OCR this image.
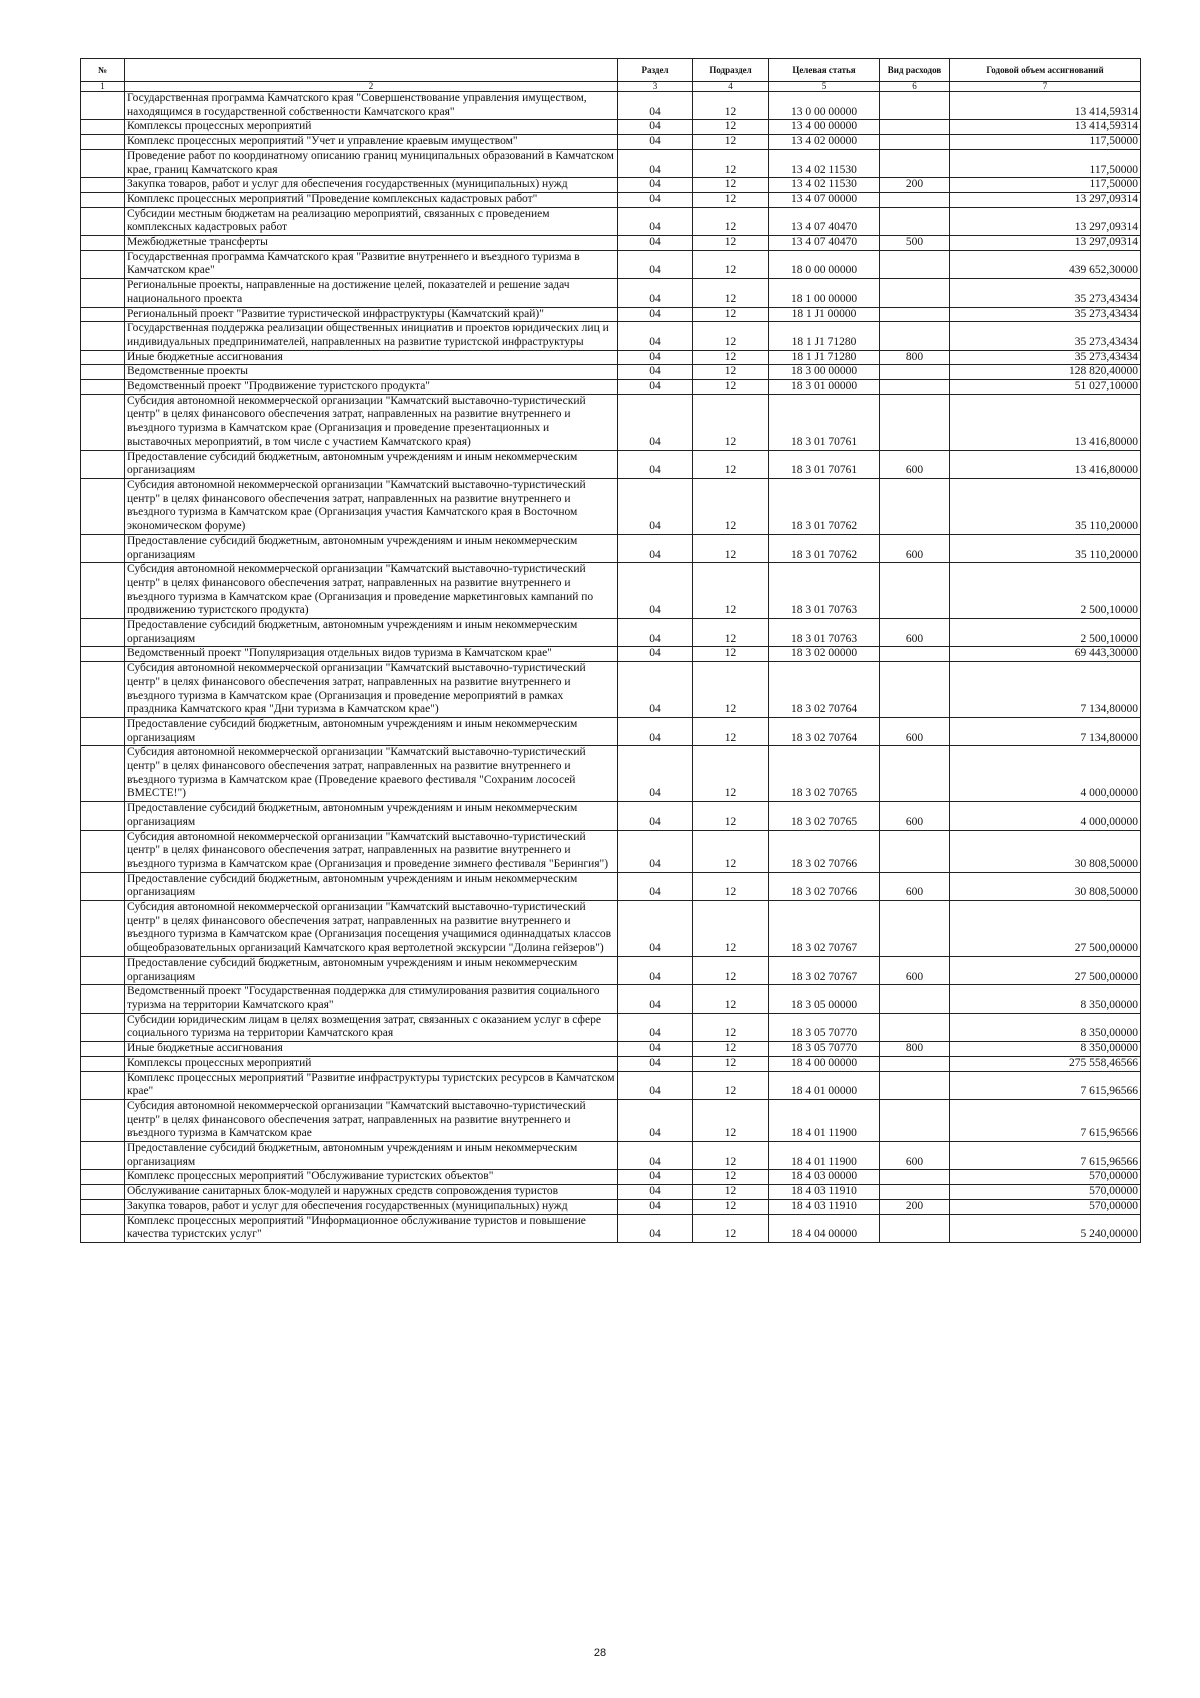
№		Раздел	Подраздел	Целевая статья	Вид расходов	Годовой объем ассигнований
1	2	3	4	5	6	7
	Государственная программа Камчатского края "Совершенствование управления имуществом, находящимся в государственной собственности Камчатского края"	04	12	13 0 00 00000		13 414,59314
	Комплексы процессных мероприятий	04	12	13 4 00 00000		13 414,59314
	Комплекс процессных мероприятий "Учет и управление краевым имуществом"	04	12	13 4 02 00000		117,50000
	Проведение работ по координатному описанию границ муниципальных образований в Камчатском крае, границ Камчатского края	04	12	13 4 02 11530		117,50000
	Закупка товаров, работ и услуг для обеспечения государственных (муниципальных) нужд	04	12	13 4 02 11530	200	117,50000
	Комплекс процессных мероприятий "Проведение комплексных кадастровых работ"	04	12	13 4 07 00000		13 297,09314
	Субсидии местным бюджетам на реализацию мероприятий, связанных с проведением комплексных кадастровых работ	04	12	13 4 07 40470		13 297,09314
	Межбюджетные трансферты	04	12	13 4 07 40470	500	13 297,09314
	Государственная программа Камчатского края "Развитие внутреннего и въездного туризма в Камчатском крае"	04	12	18 0 00 00000		439 652,30000
	Региональные проекты, направленные на достижение целей, показателей и решение задач национального проекта	04	12	18 1 00 00000		35 273,43434
	Региональный проект "Развитие туристической инфраструктуры (Камчатский край)"	04	12	18 1 J1 00000		35 273,43434
	Государственная поддержка реализации общественных инициатив и проектов юридических лиц и индивидуальных предпринимателей, направленных на развитие туристской инфраструктуры	04	12	18 1 J1 71280		35 273,43434
	Иные бюджетные ассигнования	04	12	18 1 J1 71280	800	35 273,43434
	Ведомственные проекты	04	12	18 3 00 00000		128 820,40000
	Ведомственный проект "Продвижение туристского продукта"	04	12	18 3 01 00000		51 027,10000
	Субсидия автономной некоммерческой организации "Камчатский выставочно-туристический центр" в целях финансового обеспечения затрат, направленных на развитие внутреннего и въездного туризма в Камчатском крае (Организация и проведение презентационных и выставочных мероприятий, в том числе с участием Камчатского края)	04	12	18 3 01 70761		13 416,80000
	Предоставление субсидий бюджетным, автономным учреждениям и иным некоммерческим организациям	04	12	18 3 01 70761	600	13 416,80000
	Субсидия автономной некоммерческой организации "Камчатский выставочно-туристический центр" в целях финансового обеспечения затрат, направленных на развитие внутреннего и въездного туризма в Камчатском крае (Организация участия Камчатского края в Восточном экономическом форуме)	04	12	18 3 01 70762		35 110,20000
	Предоставление субсидий бюджетным, автономным учреждениям и иным некоммерческим организациям	04	12	18 3 01 70762	600	35 110,20000
	Субсидия автономной некоммерческой организации "Камчатский выставочно-туристический центр" в целях финансового обеспечения затрат, направленных на развитие внутреннего и въездного туризма в Камчатском крае (Организация и проведение маркетинговых кампаний по продвижению туристского продукта)	04	12	18 3 01 70763		2 500,10000
	Предоставление субсидий бюджетным, автономным учреждениям и иным некоммерческим организациям	04	12	18 3 01 70763	600	2 500,10000
	Ведомственный проект "Популяризация отдельных видов туризма в Камчатском крае"	04	12	18 3 02 00000		69 443,30000
	Субсидия автономной некоммерческой организации "Камчатский выставочно-туристический центр" в целях финансового обеспечения затрат, направленных на развитие внутреннего и въездного туризма в Камчатском крае (Организация и проведение мероприятий в рамках праздника Камчатского края "Дни туризма в Камчатском крае")	04	12	18 3 02 70764		7 134,80000
	Предоставление субсидий бюджетным, автономным учреждениям и иным некоммерческим организациям	04	12	18 3 02 70764	600	7 134,80000
	Субсидия автономной некоммерческой организации "Камчатский выставочно-туристический центр" в целях финансового обеспечения затрат, направленных на развитие внутреннего и въездного туризма в Камчатском крае (Проведение краевого фестиваля "Сохраним лососей ВМЕСТЕ!")	04	12	18 3 02 70765		4 000,00000
	Предоставление субсидий бюджетным, автономным учреждениям и иным некоммерческим организациям	04	12	18 3 02 70765	600	4 000,00000
	Субсидия автономной некоммерческой организации "Камчатский выставочно-туристический центр" в целях финансового обеспечения затрат, направленных на развитие внутреннего и въездного туризма в Камчатском крае (Организация и проведение зимнего фестиваля "Берингия")	04	12	18 3 02 70766		30 808,50000
	Предоставление субсидий бюджетным, автономным учреждениям и иным некоммерческим организациям	04	12	18 3 02 70766	600	30 808,50000
	Субсидия автономной некоммерческой организации "Камчатский выставочно-туристический центр" в целях финансового обеспечения затрат, направленных на развитие внутреннего и въездного туризма в Камчатском крае (Организация посещения учащимися одиннадцатых классов общеобразовательных организаций Камчатского края вертолетной экскурсии "Долина гейзеров")	04	12	18 3 02 70767		27 500,00000
	Предоставление субсидий бюджетным, автономным учреждениям и иным некоммерческим организациям	04	12	18 3 02 70767	600	27 500,00000
	Ведомственный проект "Государственная поддержка для стимулирования развития социального туризма на территории Камчатского края"	04	12	18 3 05 00000		8 350,00000
	Субсидии юридическим лицам в целях возмещения затрат, связанных с оказанием услуг в сфере социального туризма на территории Камчатского края	04	12	18 3 05 70770		8 350,00000
	Иные бюджетные ассигнования	04	12	18 3 05 70770	800	8 350,00000
	Комплексы процессных мероприятий	04	12	18 4 00 00000		275 558,46566
	Комплекс процессных мероприятий "Развитие инфраструктуры туристских ресурсов в Камчатском крае"	04	12	18 4 01 00000		7 615,96566
	Субсидия автономной некоммерческой организации "Камчатский выставочно-туристический центр" в целях финансового обеспечения затрат, направленных на развитие внутреннего и въездного туризма в Камчатском крае	04	12	18 4 01 11900		7 615,96566
	Предоставление субсидий бюджетным, автономным учреждениям и иным некоммерческим организациям	04	12	18 4 01 11900	600	7 615,96566
	Комплекс процессных мероприятий "Обслуживание туристских объектов"	04	12	18 4 03 00000		570,00000
	Обслуживание санитарных блок-модулей и наружных средств сопровождения туристов	04	12	18 4 03 11910		570,00000
	Закупка товаров, работ и услуг для обеспечения государственных (муниципальных) нужд	04	12	18 4 03 11910	200	570,00000
	Комплекс процессных мероприятий "Информационное обслуживание туристов и повышение качества туристских услуг"	04	12	18 4 04 00000		5 240,00000
28
